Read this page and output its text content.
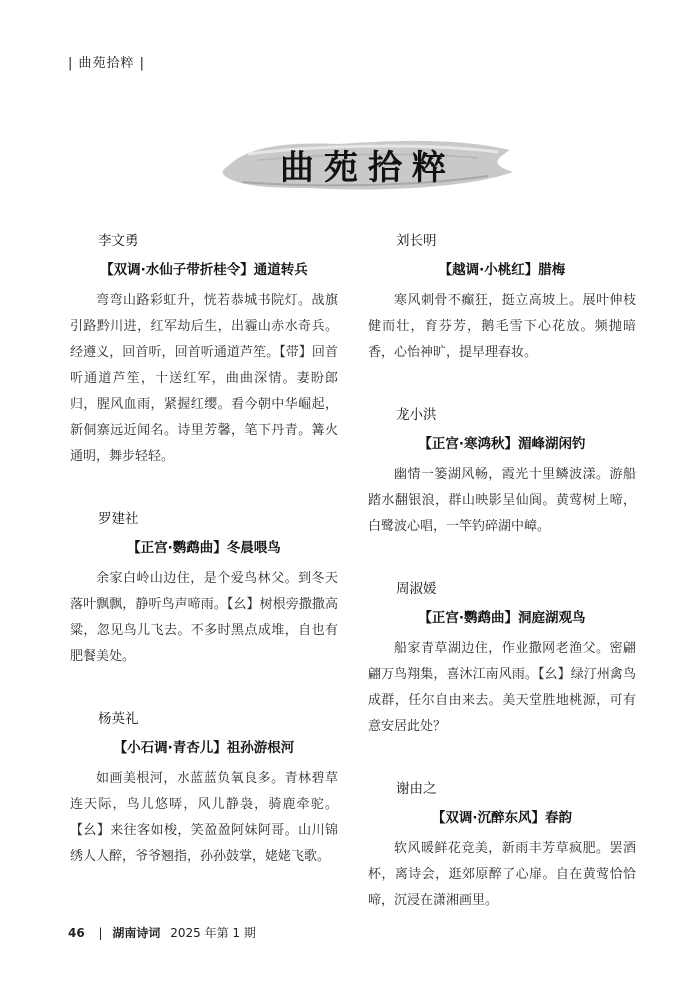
| 曲苑拾粹 |
曲苑拾粹
李文勇
【双调·水仙子带折桂令】通道转兵

弯弯山路彩虹升，恍若恭城书院灯。战旗引路黔川进，红军劫后生，出霾山赤水奇兵。经遵义，回首听，回首听通道芦笙。【带】回首听通道芦笙，十送红军，曲曲深情。妻盼郎归，腥风血雨，紧握红缨。看今朝中华崛起，新侗寨远近闻名。诗里芳馨，笔下丹青。篝火通明，舞步轻轻。

罗建社
【正宫·鹦鹉曲】冬晨喂鸟

余家白岭山边住，是个爱鸟林父。到冬天落叶飘飘，静听鸟声啼雨。【幺】树根旁撒撒高粱，忽见鸟儿飞去。不多时黑点成堆，自也有肥餐美处。

杨英礼
【小石调·青杏儿】祖孙游根河

如画美根河，水蓝蓝负氧良多。青林碧草连天际，鸟儿悠哢，风儿静袅，骑鹿牵驼。【幺】来往客如梭，笑盈盈阿妹阿哥。山川锦绣人人醉，爷爷翘指，孙孙鼓掌，姥姥飞歌。

刘长明
【越调·小桃红】腊梅

寒风刺骨不癫狂，挺立高坡上。展叶伸枝健而壮，育芬芳，鹅毛雪下心花放。频抛暗香，心怡神旷，提早理春妆。

龙小洪
【正宫·寒鸿秋】湄峰湖闲钓

幽情一篓湖风畅，霞光十里鳞波漾。游船踏水翻银浪，群山映影呈仙阆。黄莺树上啼，白鹭波心唱，一竿钓碎湖中嶂。

周淑媛
【正宫·鹦鹉曲】洞庭湖观鸟

船家青草湖边住，作业撒网老渔父。密翩翩万鸟翔集，喜沐江南风雨。【幺】绿汀州禽鸟成群，任尔自由来去。美天堂胜地桃源，可有意安居此处？

谢由之
【双调·沉醉东风】春韵

软风暖鲜花竞美，新雨丰芳草疯肥。罢酒杯，离诗会，逛郊原醉了心扉。自在黄莺恰恰啼，沉浸在潇湘画里。

46 | 湖南诗词 2025 年第 1 期
